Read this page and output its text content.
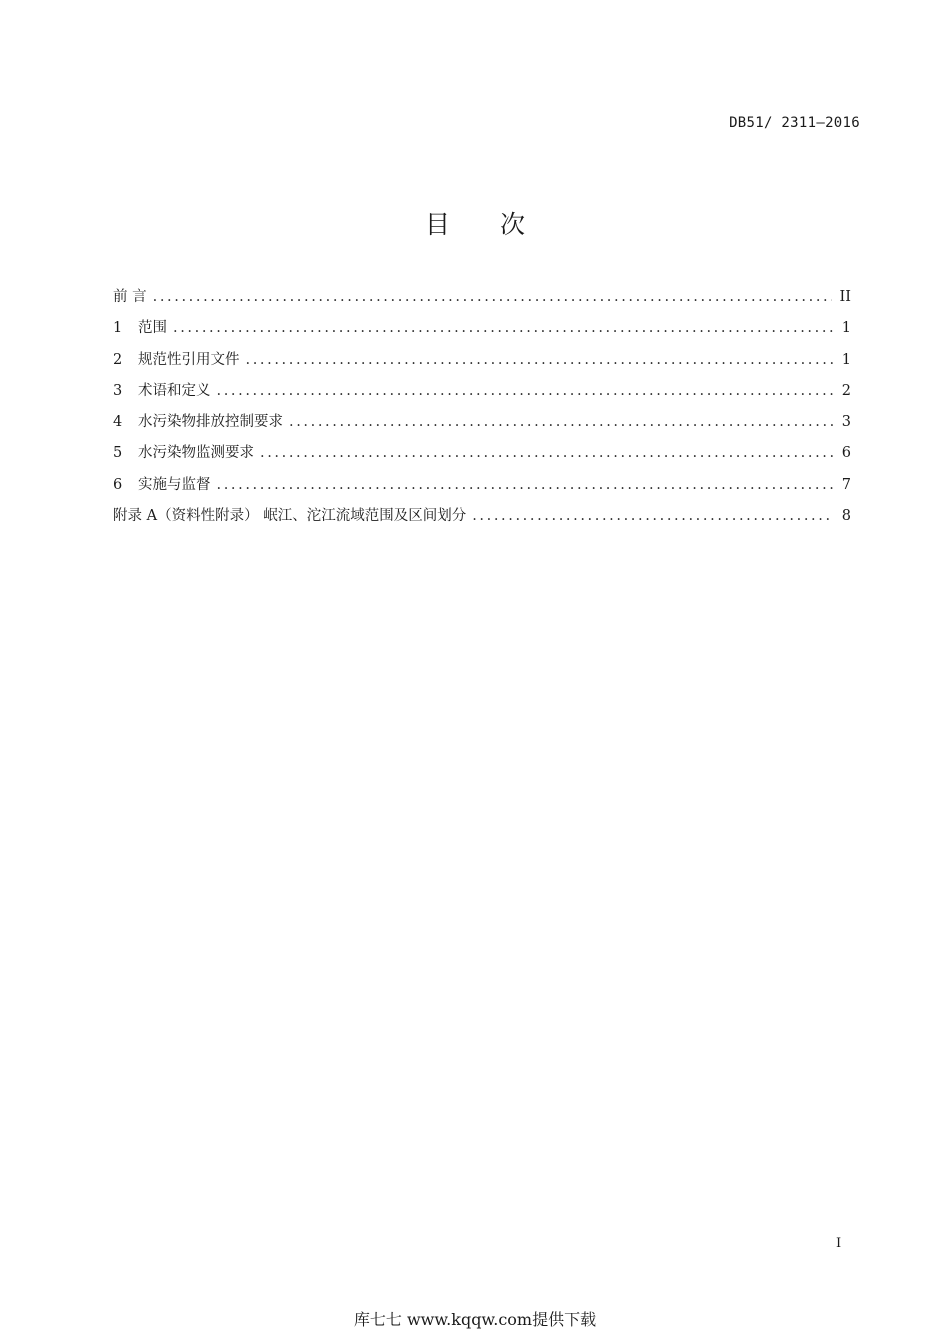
DB51/ 2311—2016
目 次
前 言 .....	II
1	范围 .....	1
2	规范性引用文件 .....	1
3	术语和定义 .....	2
4	水污染物排放控制要求 .....	3
5	水污染物监测要求 .....	6
6	实施与监督 .....	7
附录 A（资料性附录） 岷江、沱江流域范围及区间划分 .....	8
I
库七七 www.kqqw.com提供下载
